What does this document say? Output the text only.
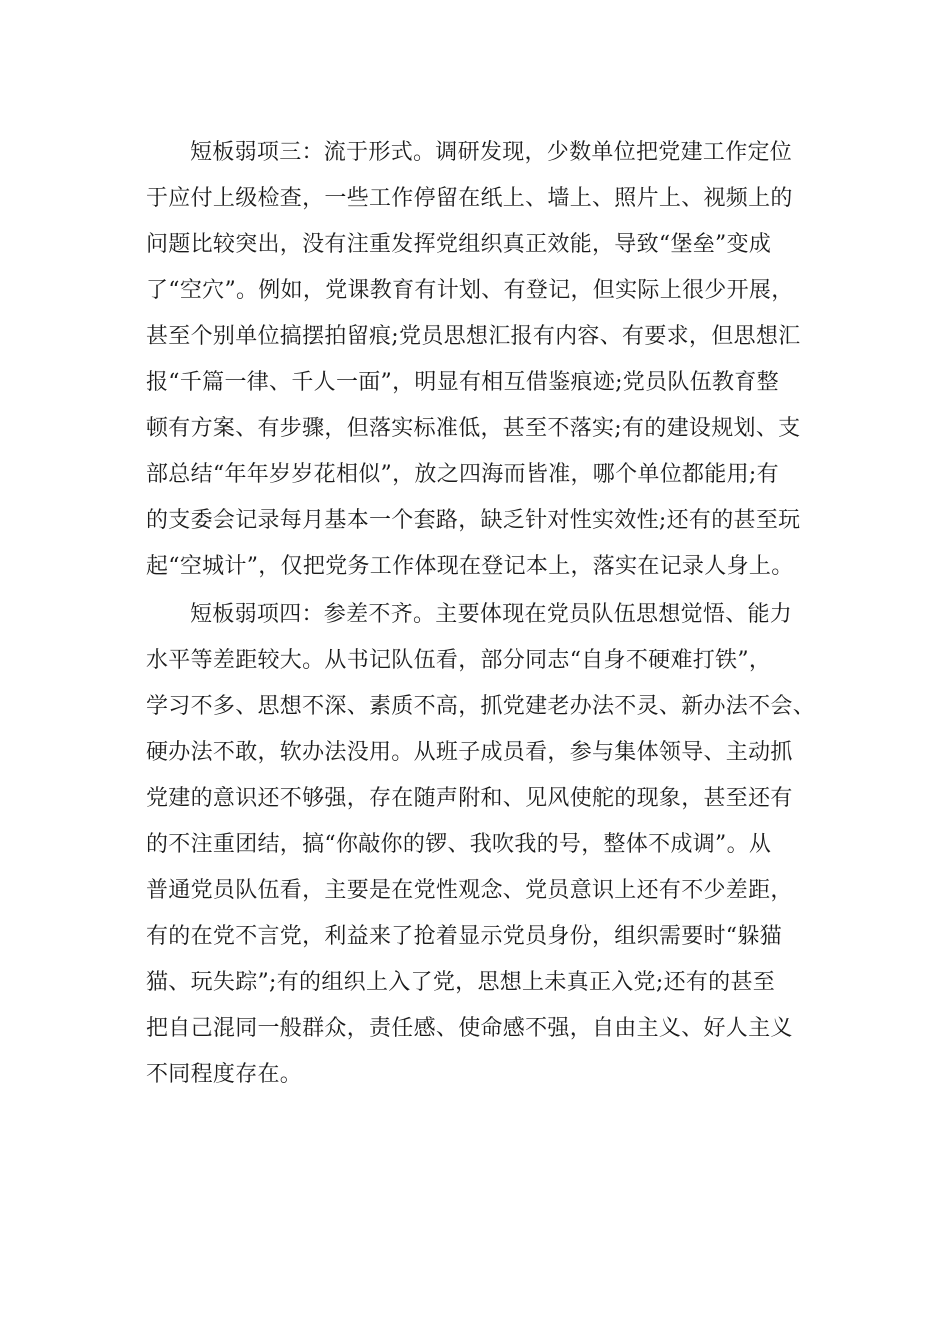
短板弱项三：流于形式。调研发现，少数单位把党建工作定位

于应付上级检查，一些工作停留在纸上、墙上、照片上、视频上的

问题比较突出，没有注重发挥党组织真正效能，导致“堡垒”变成

了“空穴”。例如，党课教育有计划、有登记，但实际上很少开展，

甚至个别单位搞摆拍留痕;党员思想汇报有内容、有要求，但思想汇

报“千篇一律、千人一面”，明显有相互借鉴痕迹;党员队伍教育整

顿有方案、有步骤，但落实标准低，甚至不落实;有的建设规划、支

部总结“年年岁岁花相似”，放之四海而皆准，哪个单位都能用;有

的支委会记录每月基本一个套路，缺乏针对性实效性;还有的甚至玩

起“空城计”，仅把党务工作体现在登记本上，落实在记录人身上。

短板弱项四：参差不齐。主要体现在党员队伍思想觉悟、能力

水平等差距较大。从书记队伍看，部分同志“自身不硬难打铁”，

学习不多、思想不深、素质不高，抓党建老办法不灵、新办法不会、

硬办法不敢，软办法没用。从班子成员看，参与集体领导、主动抓

党建的意识还不够强，存在随声附和、见风使舵的现象，甚至还有

的不注重团结，搞“你敲你的锣、我吹我的号，整体不成调”。从

普通党员队伍看，主要是在党性观念、党员意识上还有不少差距，

有的在党不言党，利益来了抢着显示党员身份，组织需要时“躲猫

猫、玩失踪”;有的组织上入了党，思想上未真正入党;还有的甚至

把自己混同一般群众，责任感、使命感不强，自由主义、好人主义

不同程度存在。
